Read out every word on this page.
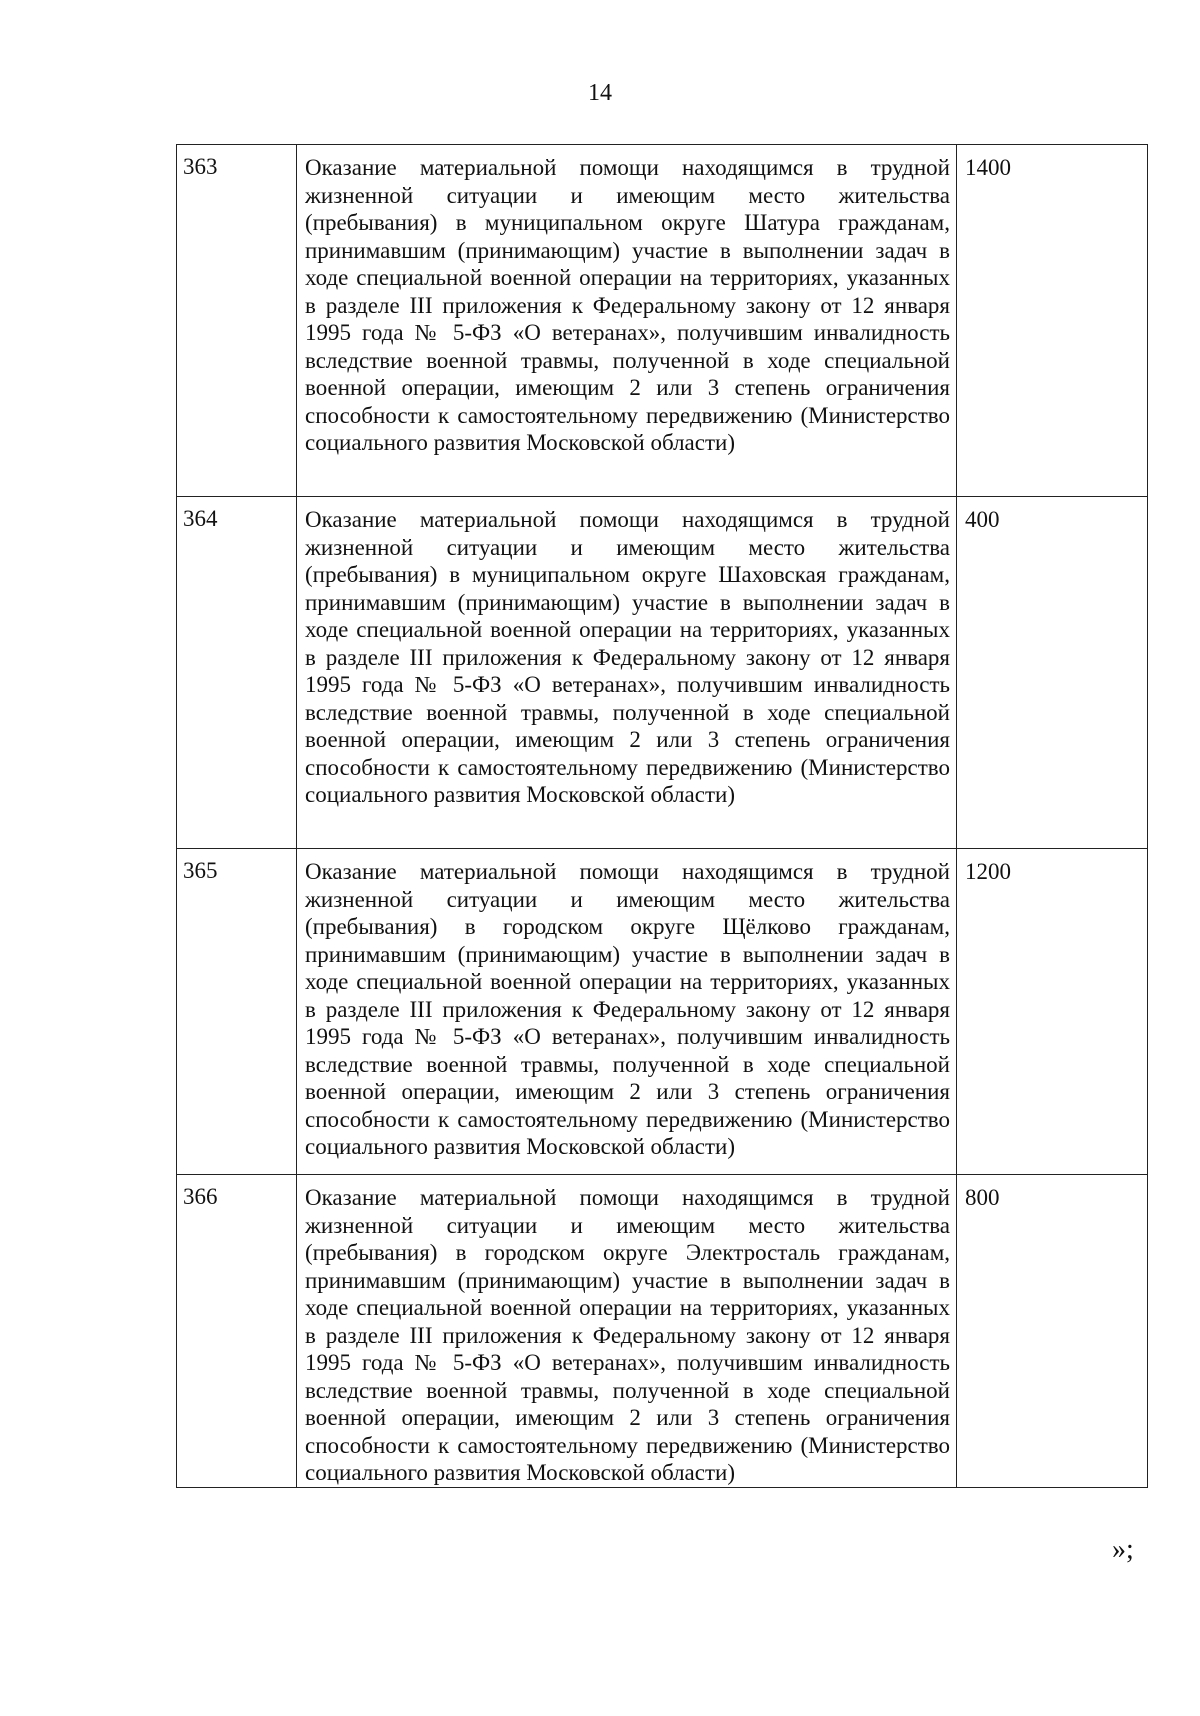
14
363	Оказание материальной помощи находящимся в трудной жизненной ситуации и имеющим место жительства (пребывания) в муниципальном округе Шатура гражданам, принимавшим (принимающим) участие в выполнении задач в ходе специальной военной операции на территориях, указанных в разделе III приложения к Федеральному закону от 12 января 1995 года № 5-ФЗ «О ветеранах», получившим инвалидность вследствие военной травмы, полученной в ходе специальной военной операции, имеющим 2 или 3 степень ограничения способности к самостоятельному передвижению (Министерство социального развития Московской области)	1400
364	Оказание материальной помощи находящимся в трудной жизненной ситуации и имеющим место жительства (пребывания) в муниципальном округе Шаховская гражданам, принимавшим (принимающим) участие в выполнении задач в ходе специальной военной операции на территориях, указанных в разделе III приложения к Федеральному закону от 12 января 1995 года № 5-ФЗ «О ветеранах», получившим инвалидность вследствие военной травмы, полученной в ходе специальной военной операции, имеющим 2 или 3 степень ограничения способности к самостоятельному передвижению (Министерство социального развития Московской области)	400
365	Оказание материальной помощи находящимся в трудной жизненной ситуации и имеющим место жительства (пребывания) в городском округе Щёлково гражданам, принимавшим (принимающим) участие в выполнении задач в ходе специальной военной операции на территориях, указанных в разделе III приложения к Федеральному закону от 12 января 1995 года № 5-ФЗ «О ветеранах», получившим инвалидность вследствие военной травмы, полученной в ходе специальной военной операции, имеющим 2 или 3 степень ограничения способности к самостоятельному передвижению (Министерство социального развития Московской области)	1200
366	Оказание материальной помощи находящимся в трудной жизненной ситуации и имеющим место жительства (пребывания) в городском округе Электросталь гражданам, принимавшим (принимающим) участие в выполнении задач в ходе специальной военной операции на территориях, указанных в разделе III приложения к Федеральному закону от 12 января 1995 года № 5-ФЗ «О ветеранах», получившим инвалидность вследствие военной травмы, полученной в ходе специальной военной операции, имеющим 2 или 3 степень ограничения способности к самостоятельному передвижению (Министерство социального развития Московской области)	800
»;
